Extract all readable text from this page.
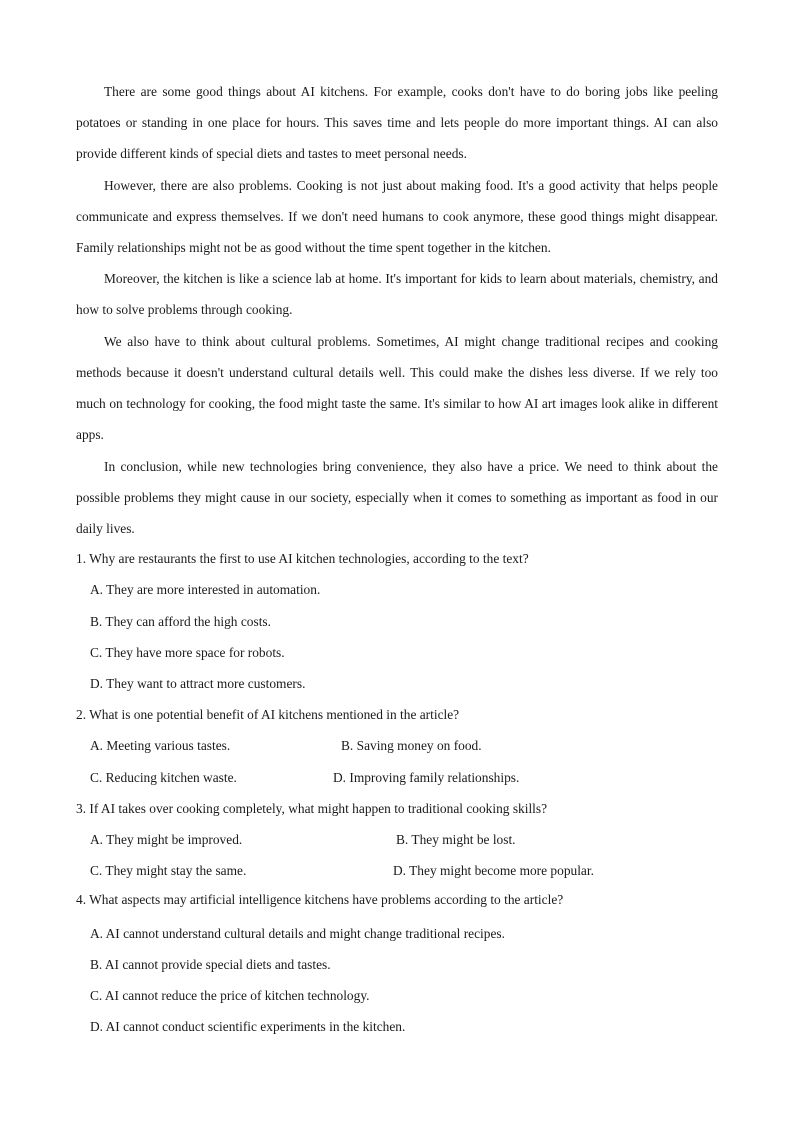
There are some good things about AI kitchens. For example, cooks don't have to do boring jobs like peeling potatoes or standing in one place for hours. This saves time and lets people do more important things. AI can also provide different kinds of special diets and tastes to meet personal needs.

However, there are also problems. Cooking is not just about making food. It's a good activity that helps people communicate and express themselves. If we don't need humans to cook anymore, these good things might disappear. Family relationships might not be as good without the time spent together in the kitchen.

Moreover, the kitchen is like a science lab at home. It's important for kids to learn about materials, chemistry, and how to solve problems through cooking.

We also have to think about cultural problems. Sometimes, AI might change traditional recipes and cooking methods because it doesn't understand cultural details well. This could make the dishes less diverse. If we rely too much on technology for cooking, the food might taste the same. It's similar to how AI art images look alike in different apps.

In conclusion, while new technologies bring convenience, they also have a price. We need to think about the possible problems they might cause in our society, especially when it comes to something as important as food in our daily lives.

1. Why are restaurants the first to use AI kitchen technologies, according to the text?

A. They are more interested in automation.

B. They can afford the high costs.

C. They have more space for robots.

D. They want to attract more customers.

2. What is one potential benefit of AI kitchens mentioned in the article?

A. Meeting various tastes.	B. Saving money on food.

C. Reducing kitchen waste.	D. Improving family relationships.

3. If AI takes over cooking completely, what might happen to traditional cooking skills?

A. They might be improved.	B. They might be lost.

C. They might stay the same.	D. They might become more popular.

4. What aspects may artificial intelligence kitchens have problems according to the article?

A. AI cannot understand cultural details and might change traditional recipes.

B. AI cannot provide special diets and tastes.

C. AI cannot reduce the price of kitchen technology.

D. AI cannot conduct scientific experiments in the kitchen.
